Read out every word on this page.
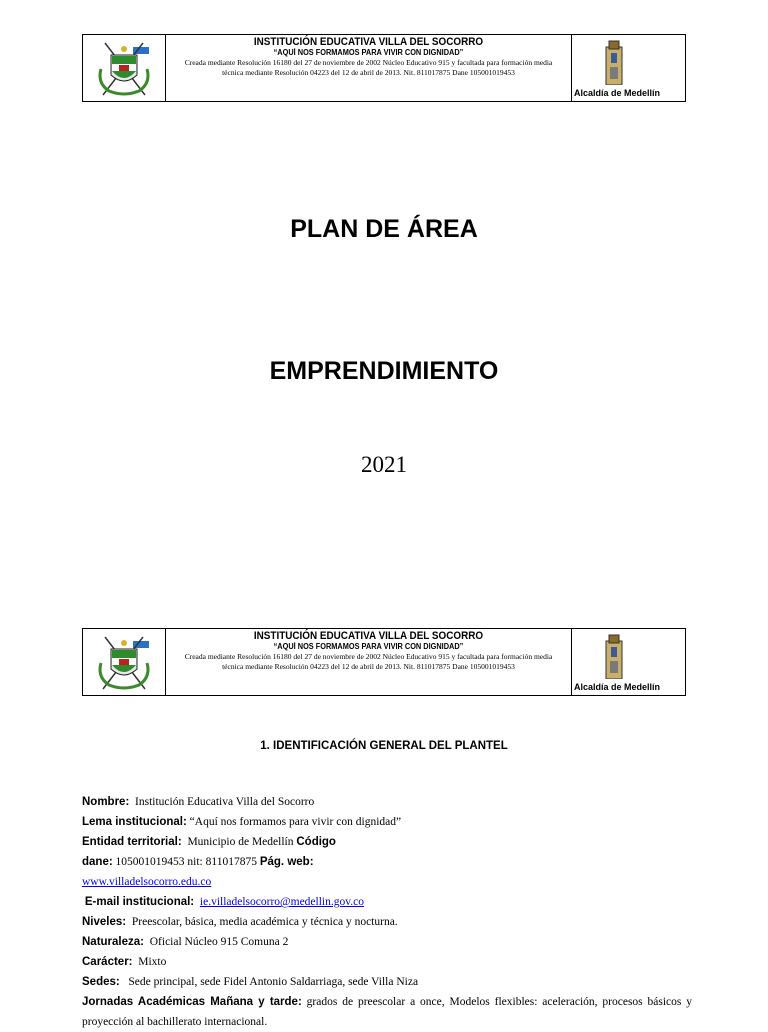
INSTITUCIÓN EDUCATIVA VILLA DEL SOCORRO
“AQUÍ NOS FORMAMOS PARA VIVIR CON DIGNIDAD”
Creada mediante Resolución 16180 del 27 de noviembre de 2002 Núcleo Educativo 915 y facultada para formación media
técnica mediante Resolución 04223 del 12 de abril de 2013. Nit. 811017875 Dane 105001019453
Alcaldía de Medellín
PLAN DE ÁREA
EMPRENDIMIENTO
2021
INSTITUCIÓN EDUCATIVA VILLA DEL SOCORRO
“AQUÍ NOS FORMAMOS PARA VIVIR CON DIGNIDAD”
Creada mediante Resolución 16180 del 27 de noviembre de 2002 Núcleo Educativo 915 y facultada para formación media
técnica mediante Resolución 04223 del 12 de abril de 2013. Nit. 811017875 Dane 105001019453
Alcaldía de Medellín
1. IDENTIFICACIÓN GENERAL DEL PLANTEL
Nombre: Institución Educativa Villa del Socorro
Lema institucional: “Aquí nos formamos para vivir con dignidad”
Entidad territorial: Municipio de Medellín Código
dane: 105001019453 nit: 811017875 Pág. web:
www.villadelsocorro.edu.co
E-mail institucional: ie.villadelsocorro@medellin.gov.co
Niveles: Preescolar, básica, media académica y técnica y nocturna.
Naturaleza: Oficial Núcleo 915 Comuna 2
Carácter: Mixto
Sedes: Sede principal, sede Fidel Antonio Saldarriaga, sede Villa Niza
Jornadas Académicas Mañana y tarde: grados de preescolar a once, Modelos flexibles: aceleración, procesos básicos y proyección al bachillerato internacional.
